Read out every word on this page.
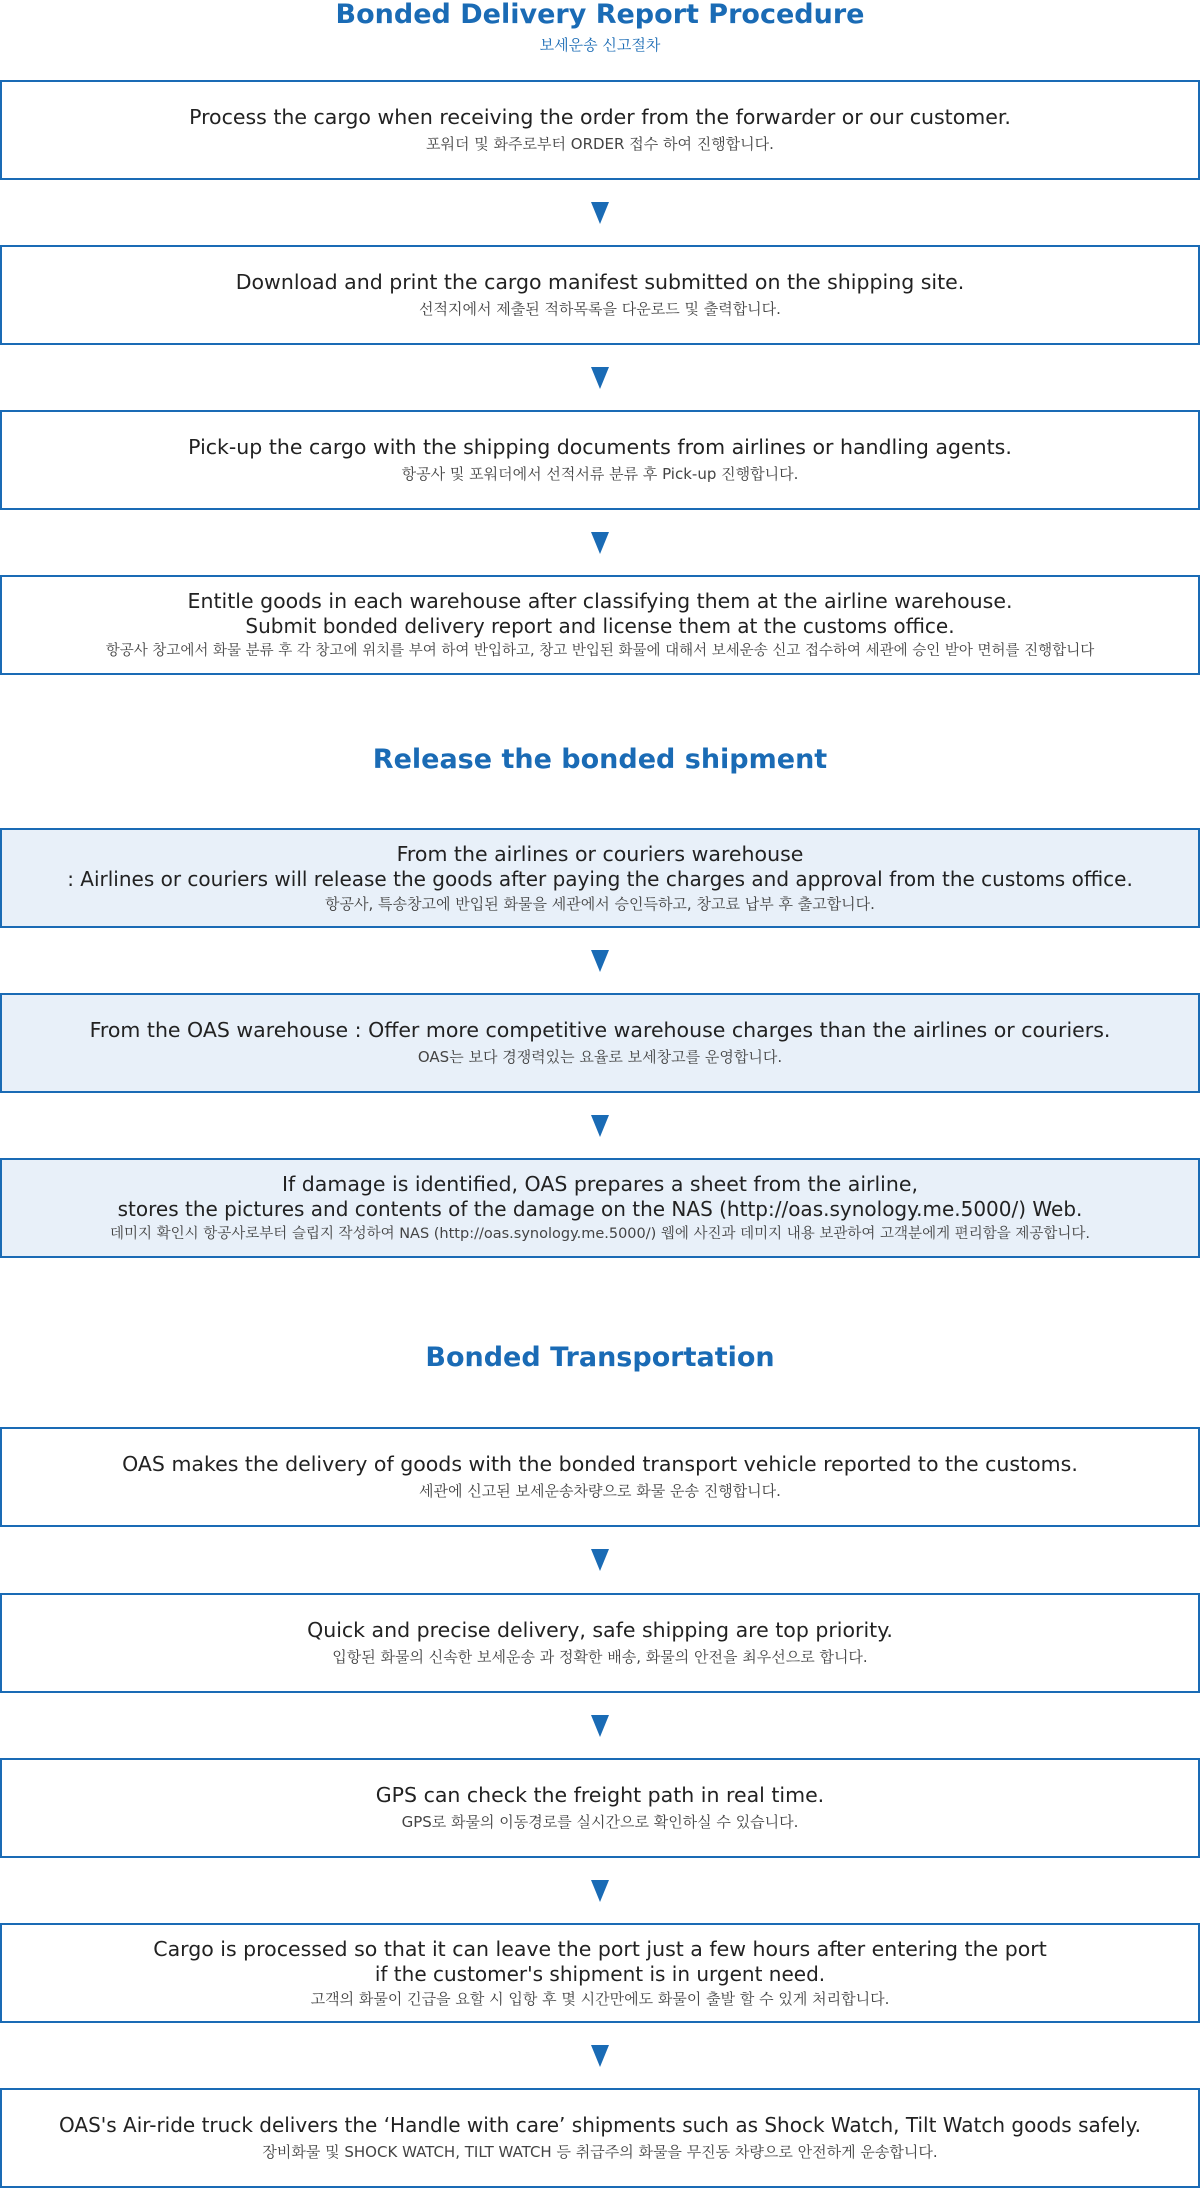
Bonded Delivery Report Procedure
보세운송 신고절차
Process the cargo when receiving the order from the forwarder or our customer.
포워더 및 화주로부터 ORDER 접수 하여 진행합니다.
Download and print the cargo manifest submitted on the shipping site.
선적지에서 제출된 적하목록을 다운로드 및 출력합니다.
Pick-up the cargo with the shipping documents from airlines or handling agents.
항공사 및 포워더에서 선적서류 분류 후 Pick-up 진행합니다.
Entitle goods in each warehouse after classifying them at the airline warehouse.
Submit bonded delivery report and license them at the customs office.
항공사 창고에서 화물 분류 후 각 창고에 위치를 부여 하여 반입하고, 창고 반입된 화물에 대해서 보세운송 신고 접수하여 세관에 승인 받아 면허를 진행합니다
Release the bonded shipment
From the airlines or couriers warehouse
: Airlines or couriers will release the goods after paying the charges and approval from the customs office.
항공사, 특송창고에 반입된 화물을 세관에서 승인득하고, 창고료 납부 후 출고합니다.
From the OAS warehouse : Offer more competitive warehouse charges than the airlines or couriers.
OAS는 보다 경쟁력있는 요율로 보세창고를 운영합니다.
If damage is identified, OAS prepares a sheet from the airline,
stores the pictures and contents of the damage on the NAS (http://oas.synology.me.5000/) Web.
데미지 확인시 항공사로부터 슬립지 작성하여 NAS (http://oas.synology.me.5000/) 웹에 사진과 데미지 내용 보관하여 고객분에게 편리함을 제공합니다.
Bonded Transportation
OAS makes the delivery of goods with the bonded transport vehicle reported to the customs.
세관에 신고된 보세운송차량으로 화물 운송 진행합니다.
Quick and precise delivery, safe shipping are top priority.
입항된 화물의 신속한 보세운송 과 정확한 배송, 화물의 안전을 최우선으로 합니다.
GPS can check the freight path in real time.
GPS로 화물의 이동경로를 실시간으로 확인하실 수 있습니다.
Cargo is processed so that it can leave the port just a few hours after entering the port
if the customer's shipment is in urgent need.
고객의 화물이 긴급을 요할 시 입항 후 몇 시간만에도 화물이 출발 할 수 있게 처리합니다.
OAS's Air-ride truck delivers the ‘Handle with care’ shipments such as Shock Watch, Tilt Watch goods safely.
장비화물 및 SHOCK WATCH, TILT WATCH 등 취급주의 화물을 무진동 차량으로 안전하게 운송합니다.
